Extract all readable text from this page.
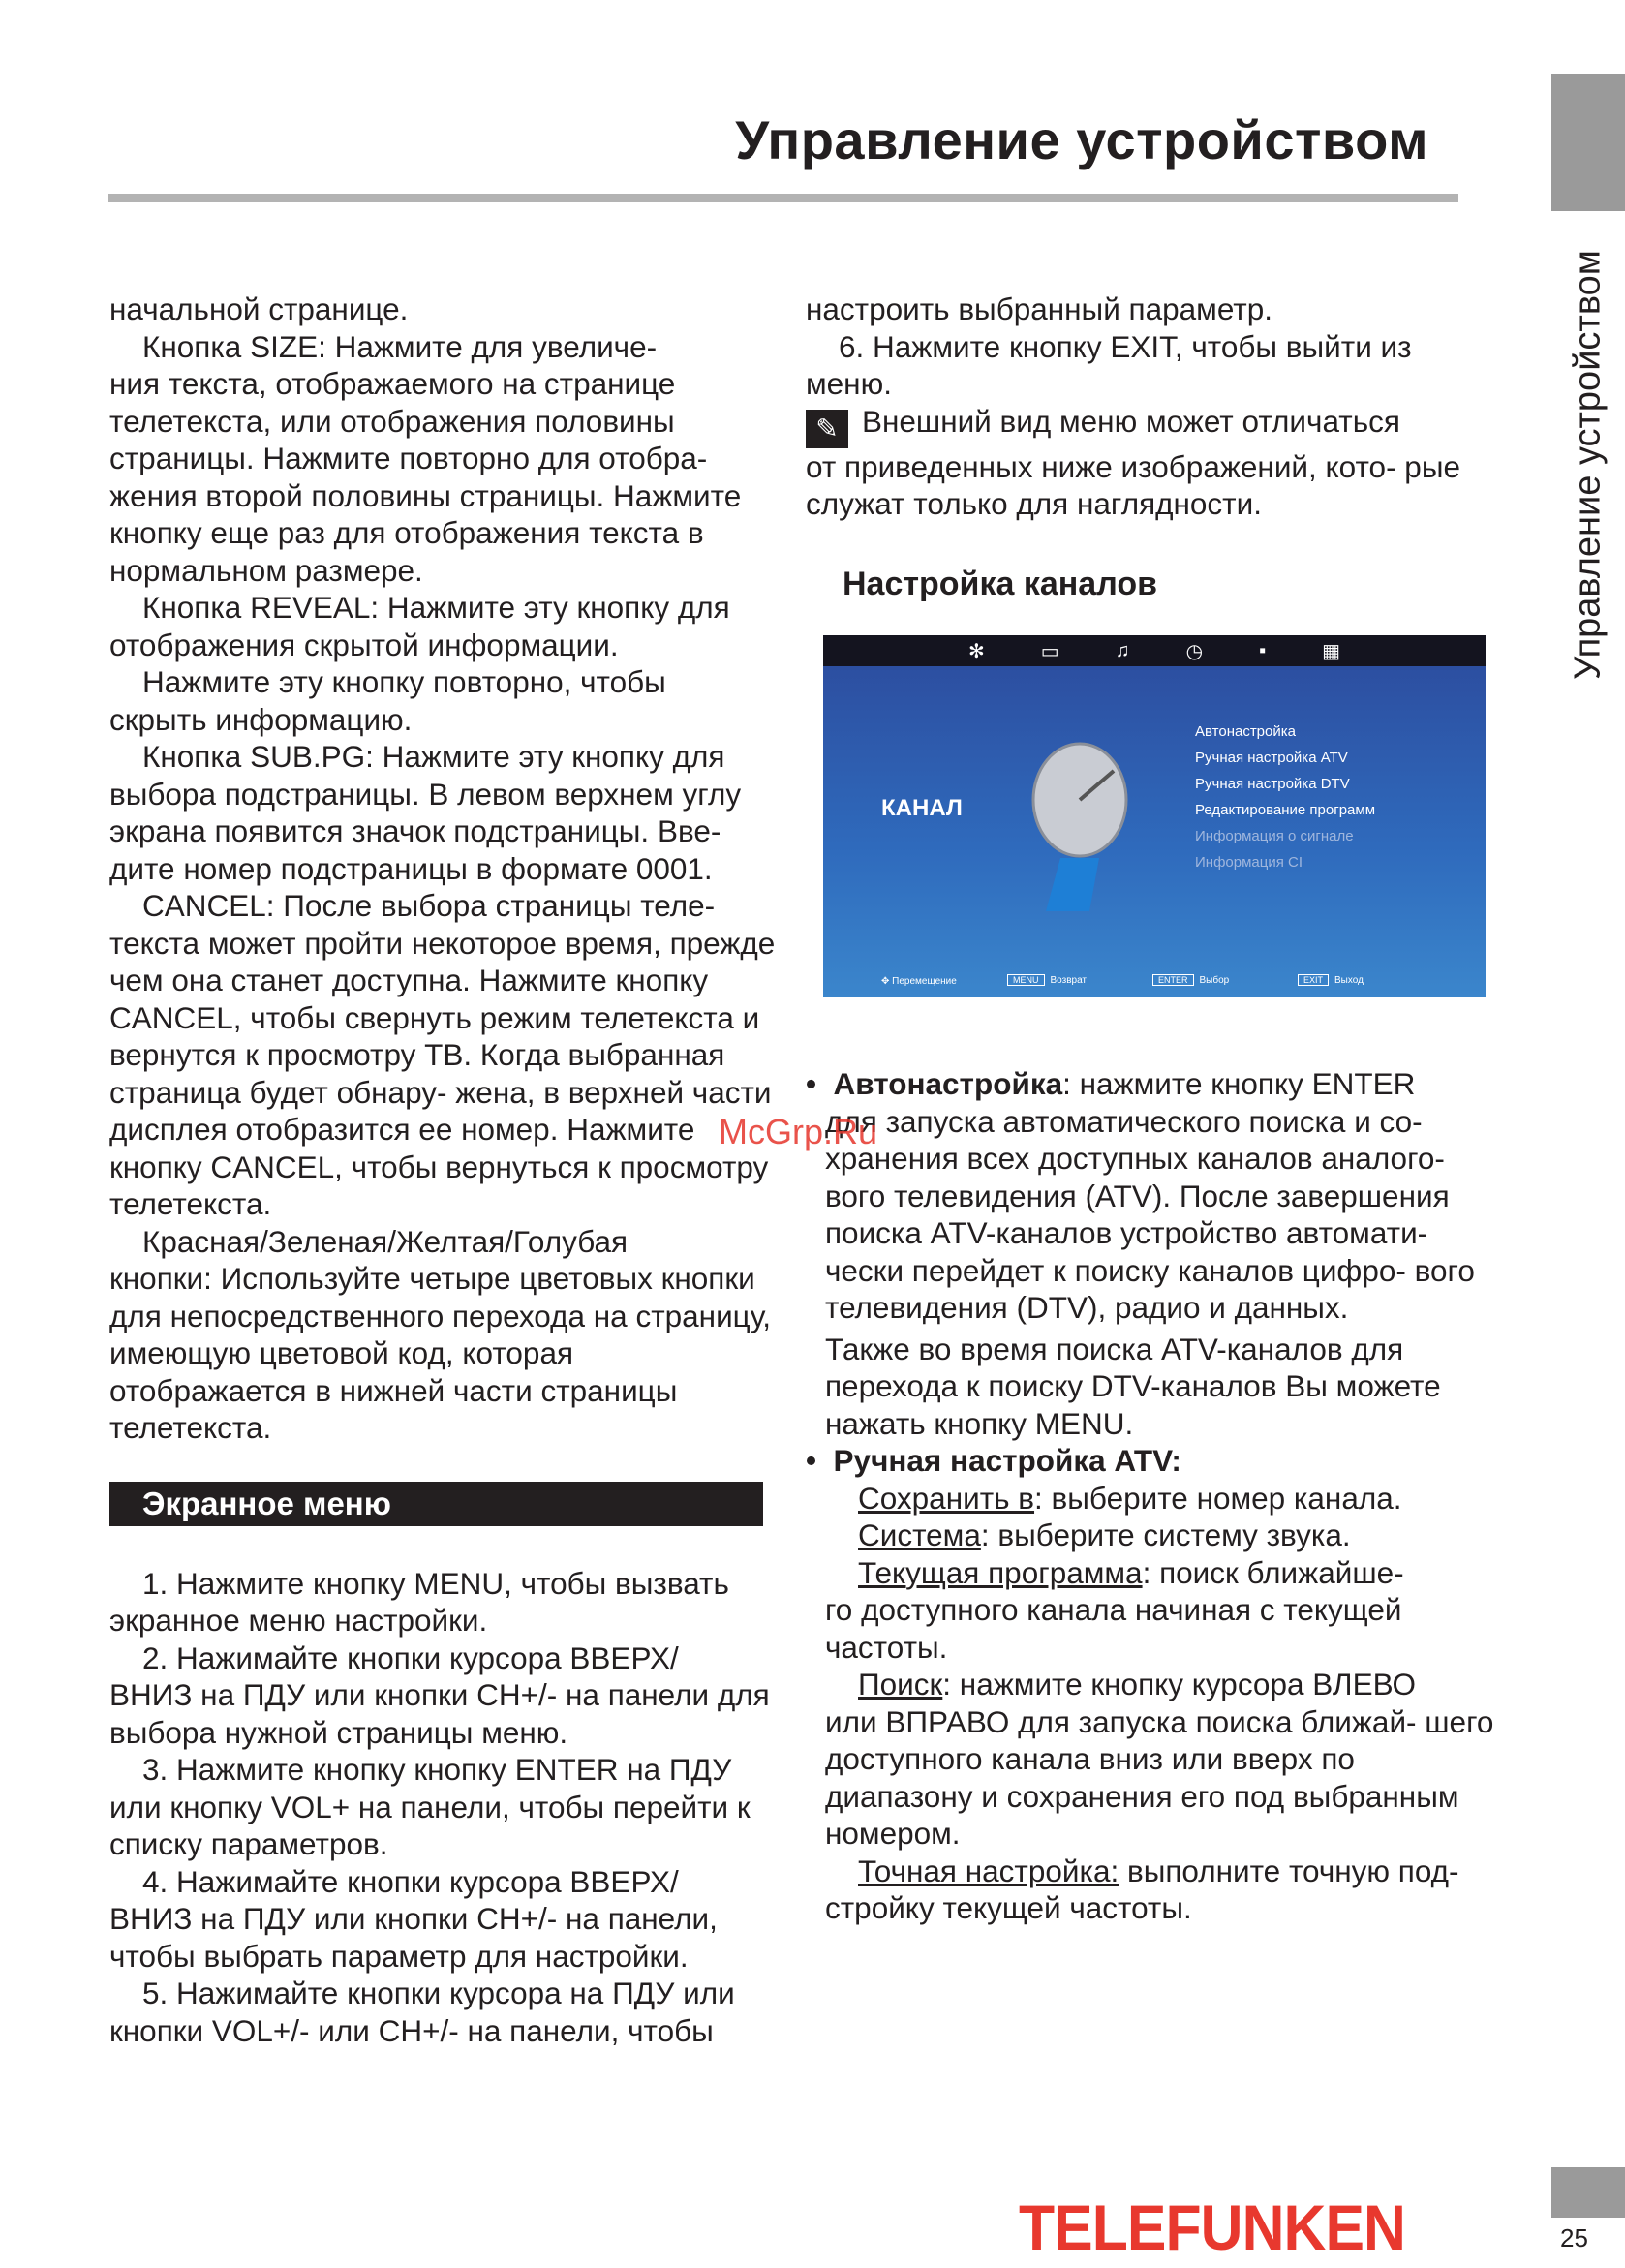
Управление устройством
Управление устройством

начальной странице.

Кнопка SIZE: Нажмите для увеличе-

ния текста, отображаемого на странице телетекста, или отображения половины страницы. Нажмите повторно для отобра- жения второй половины страницы. Нажмите кнопку еще раз для отображения текста в нормальном размере.

Кнопка REVEAL: Нажмите эту кнопку для

отображения скрытой информации.

Нажмите эту кнопку повторно, чтобы

скрыть информацию.

Кнопка SUB.PG: Нажмите эту кнопку для

выбора подстраницы. В левом верхнем углу экрана появится значок подстраницы. Вве- дите номер подстраницы в формате 0001.

CANCEL: После выбора страницы теле-

текста может пройти некоторое время, прежде чем она станет доступна. Нажмите кнопку CANCEL, чтобы свернуть режим телетекста и вернутся к просмотру ТВ. Когда выбранная страница будет обнару- жена, в верхней части дисплея отобразится ее номер. Нажмите кнопку CANCEL, чтобы вернуться к просмотру телетекста.

Красная/Зеленая/Желтая/Голубая

кнопки: Используйте четыре цветовых кнопки для непосредственного перехода на страницу, имеющую цветовой код, которая отображается в нижней части страницы телетекста.

Экранное меню

1. Нажмите кнопку MENU, чтобы вызвать

экранное меню настройки.

2. Нажимайте кнопки курсора ВВЕРХ/

ВНИЗ на ПДУ или кнопки CH+/- на панели для выбора нужной страницы меню.

3. Нажмите кнопку кнопку ENTER на ПДУ

или кнопку VOL+ на панели, чтобы перейти к списку параметров.

4. Нажимайте кнопки курсора ВВЕРХ/

ВНИЗ на ПДУ или кнопки CH+/- на панели, чтобы выбрать параметр для настройки.

5. Нажимайте кнопки курсора на ПДУ или

кнопки VOL+/- или CH+/- на панели, чтобы

настроить выбранный параметр.

6. Нажмите кнопку EXIT, чтобы выйти из

меню.

✎ Внешний вид меню может отличаться

от приведенных ниже изображений, кото- рые служат только для наглядности.

Настройка каналов
✻	▭	♫	◷	▪	▦
КАНАЛ
Автонастройка
Ручная настройка ATV
Ручная настройка DTV
Редактирование программ
Информация о сигнале
Информация CI
✥ Перемещение	MENU Возврат	ENTER Выбор	EXIT Выход

•  Автонастройка: нажмите кнопку ENTER

для запуска автоматического поиска и со- хранения всех доступных каналов аналого- вого телевидения (ATV). После завершения поиска ATV-каналов устройство автомати- чески перейдет к поиску каналов цифро- вого телевидения (DTV), радио и данных.

Также во время поиска ATV-каналов для перехода к поиску DTV-каналов Вы можете нажать кнопку MENU.

•  Ручная настройка ATV:

Сохранить в: выберите номер канала.

Система: выберите систему звука.

Текущая программа: поиск ближайше-

го доступного канала начиная с текущей частоты.

Поиск: нажмите кнопку курсора ВЛЕВО

или ВПРАВО для запуска поиска ближай- шего доступного канала вниз или вверх по диапазону и сохранения его под выбранным номером.

Точная настройка: выполните точную под-

стройку текущей частоты.

McGrp.Ru
TELEFUNKEN	25
